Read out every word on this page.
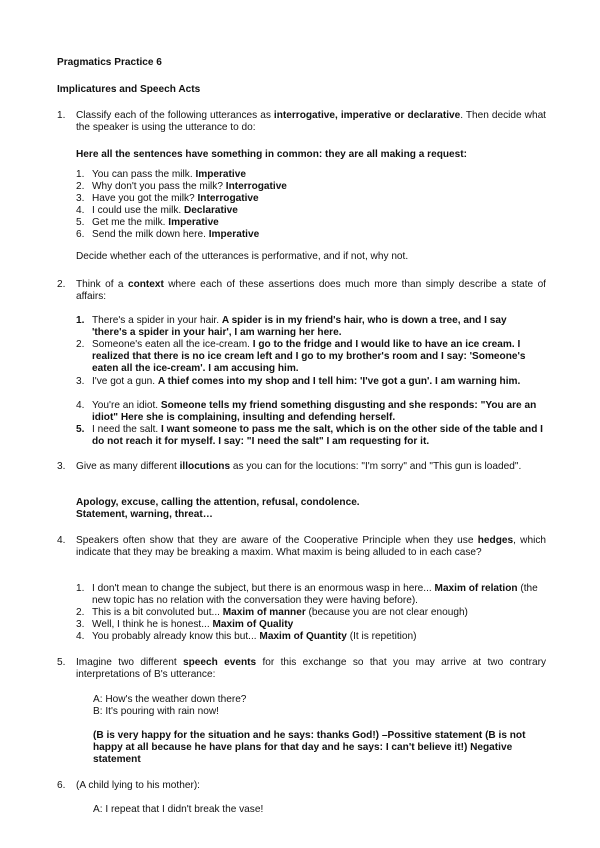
Pragmatics Practice 6

Implicatures and Speech Acts

1. Classify each of the following utterances as interrogative, imperative or declarative. Then decide what the speaker is using the utterance to do:

Here all the sentences have something in common: they are all making a request:

1. You can pass the milk. Imperative
2. Why don't you pass the milk? Interrogative
3. Have you got the milk? Interrogative
4. I could use the milk. Declarative
5. Get me the milk. Imperative
6. Send the milk down here. Imperative

Decide whether each of the utterances is performative, and if not, why not.

2. Think of a context where each of these assertions does much more than simply describe a state of affairs:

1. There's a spider in your hair. A spider is in my friend's hair, who is down a tree, and I say 'there's a spider in your hair', I am warning her here.
2. Someone's eaten all the ice-cream. I go to the fridge and I would like to have an ice cream. I realized that there is no ice cream left and I go to my brother's room and I say: 'Someone's eaten all the ice-cream'. I am accusing him.
3. I've got a gun. A thief comes into my shop and I tell him: 'I've got a gun'. I am warning him.
4. You're an idiot. Someone tells my friend something disgusting and she responds: "You are an idiot" Here she is complaining, insulting and defending herself.
5. I need the salt. I want someone to pass me the salt, which is on the other side of the table and I do not reach it for myself. I say: "I need the salt" I am requesting for it.
3. Give as many different illocutions as you can for the locutions: "I'm sorry" and "This gun is loaded".

Apology, excuse, calling the attention, refusal, condolence.

Statement, warning, threat…

4. Speakers often show that they are aware of the Cooperative Principle when they use hedges, which indicate that they may be breaking a maxim. What maxim is being alluded to in each case?

1. I don't mean to change the subject, but there is an enormous wasp in here... Maxim of relation (the new topic has no relation with the conversation they were having before).
2. This is a bit convoluted but... Maxim of manner (because you are not clear enough)
3. Well, I think he is honest... Maxim of Quality
4. You probably already know this but... Maxim of Quantity (It is repetition)
5. Imagine two different speech events for this exchange so that you may arrive at two contrary interpretations of B's utterance:

A: How's the weather down there?

B: It's pouring with rain now!

(B is very happy for the situation and he says: thanks God!) –Possitive statement (B is not happy at all because he have plans for that day and he says: I can't believe it!) Negative statement

6. (A child lying to his mother):

A: I repeat that I didn't break the vase!
